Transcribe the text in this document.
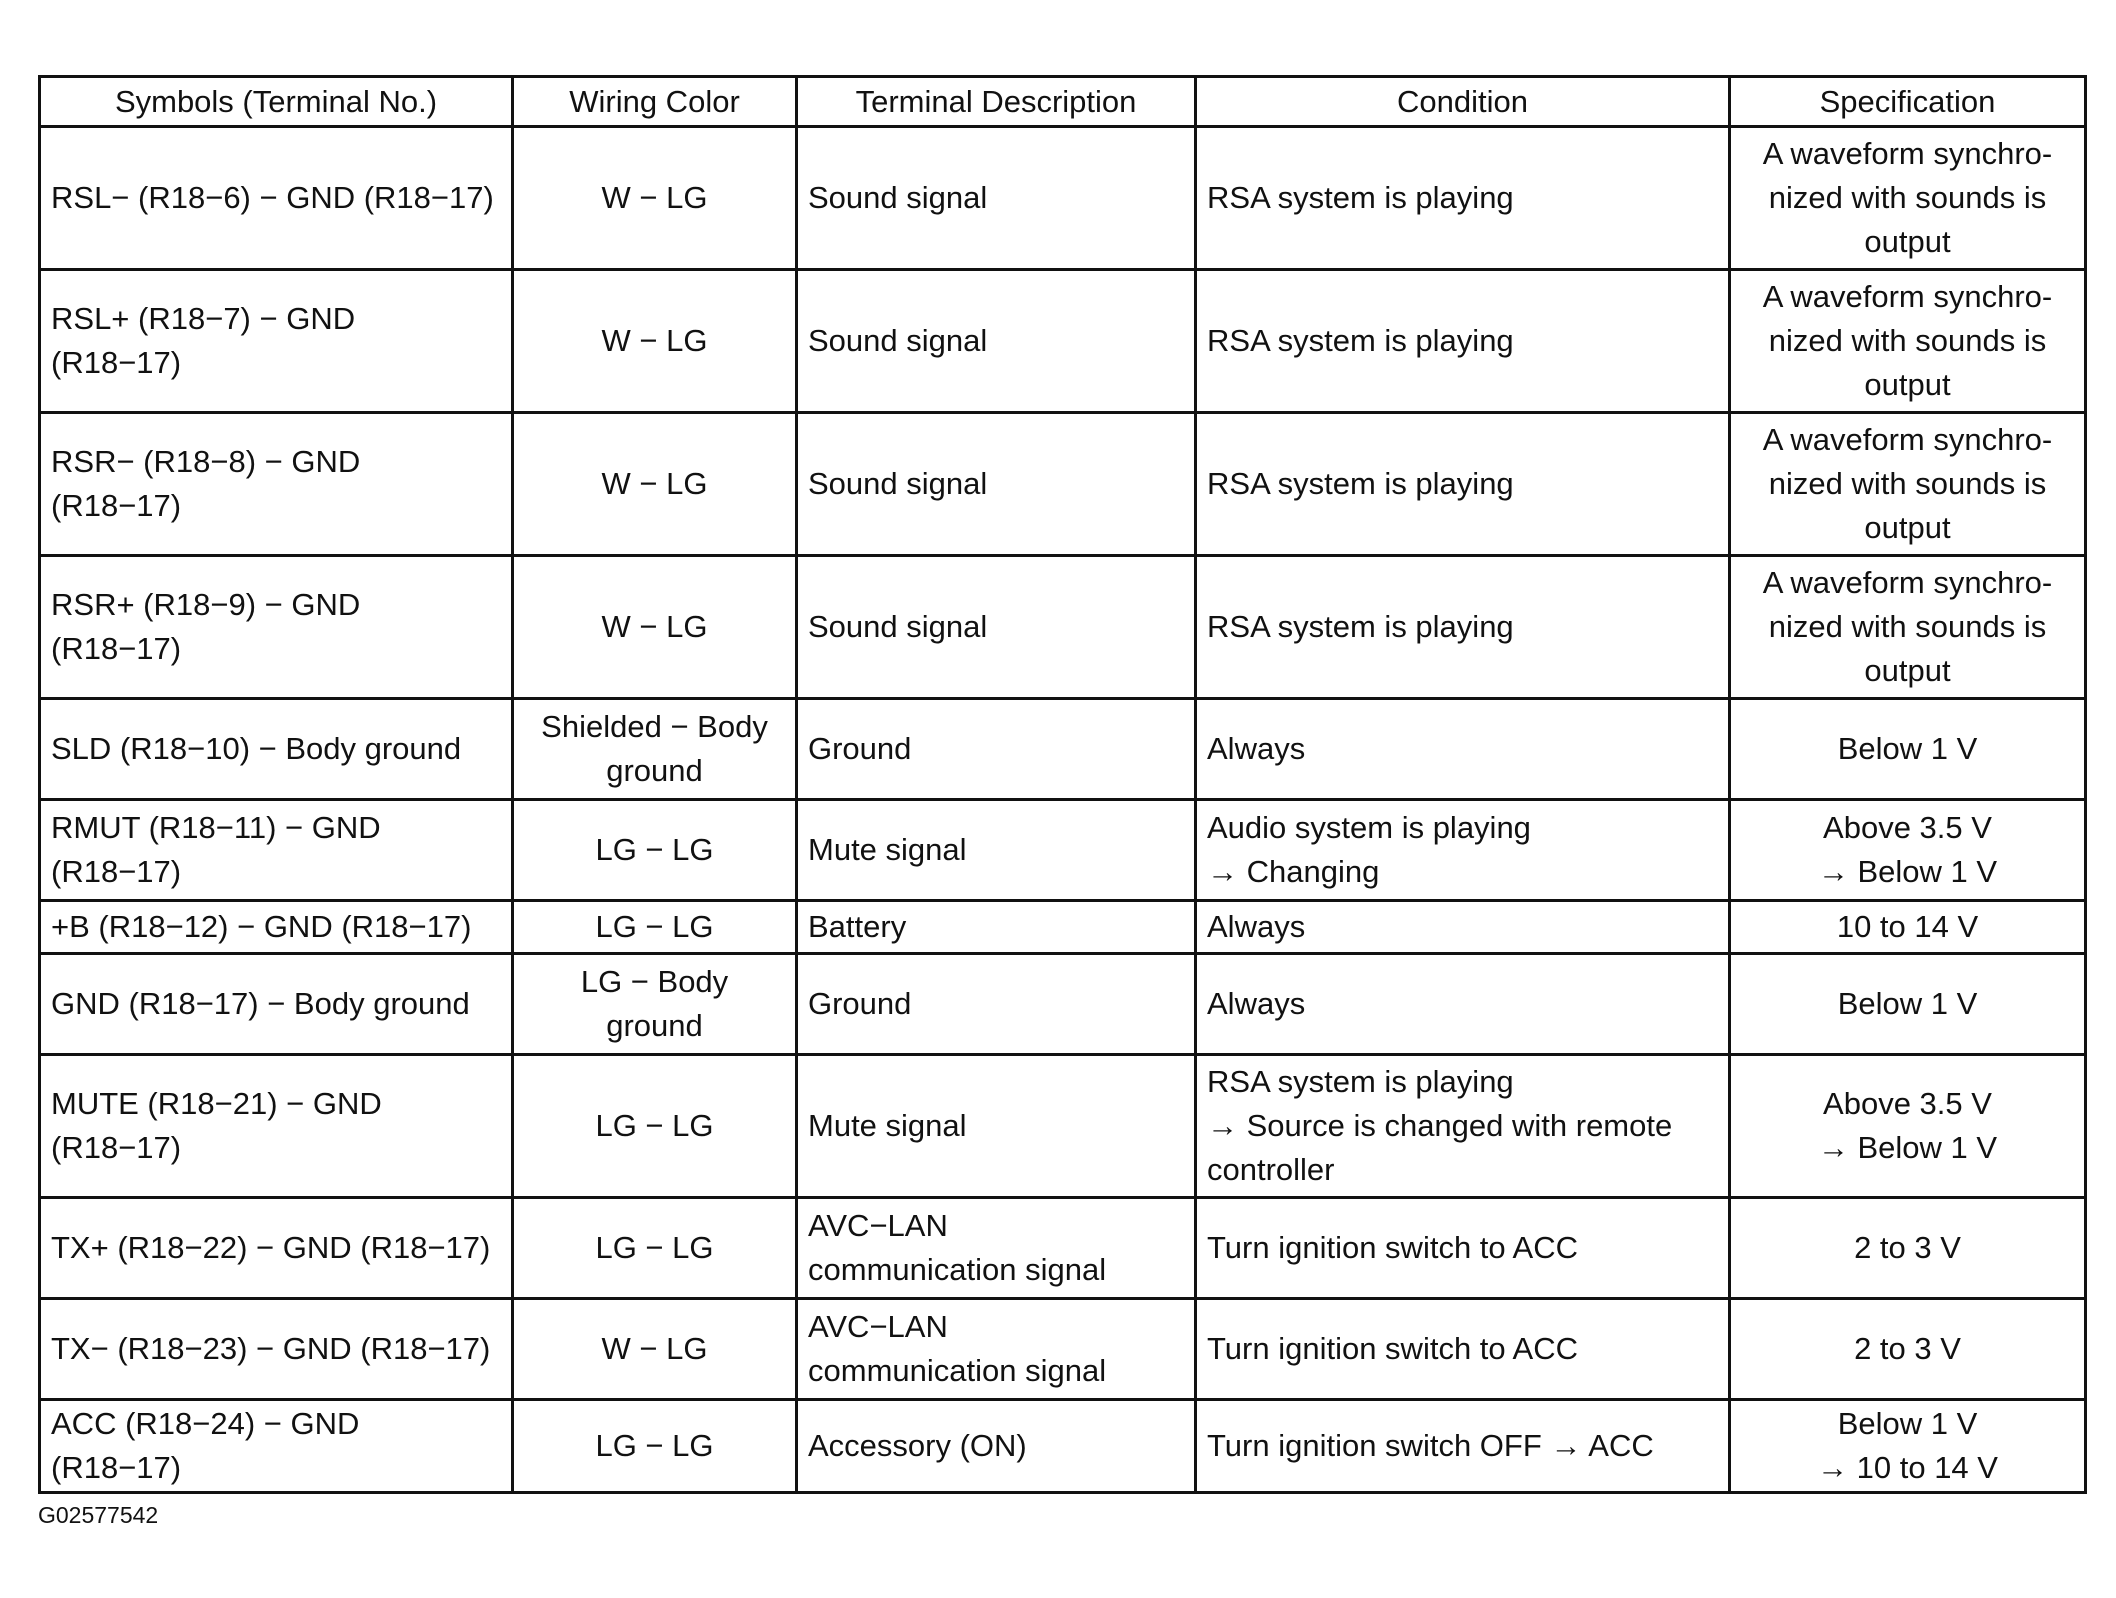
Symbols (Terminal No.)	Wiring Color	Terminal Description	Condition	Specification
RSL− (R18−6) − GND (R18−17)	W − LG	Sound signal	RSA system is playing	A waveform synchro-
nized with sounds is
output
RSL+ (R18−7) − GND
(R18−17)	W − LG	Sound signal	RSA system is playing	A waveform synchro-
nized with sounds is
output
RSR− (R18−8) − GND
(R18−17)	W − LG	Sound signal	RSA system is playing	A waveform synchro-
nized with sounds is
output
RSR+ (R18−9) − GND
(R18−17)	W − LG	Sound signal	RSA system is playing	A waveform synchro-
nized with sounds is
output
SLD (R18−10) − Body ground	Shielded − Body
ground	Ground	Always	Below 1 V
RMUT (R18−11) − GND
(R18−17)	LG − LG	Mute signal	Audio system is playing
→ Changing	Above 3.5 V
→ Below 1 V
+B (R18−12) − GND (R18−17)	LG − LG	Battery	Always	10 to 14 V
GND (R18−17) − Body ground	LG − Body
ground	Ground	Always	Below 1 V
MUTE (R18−21) − GND
(R18−17)	LG − LG	Mute signal	RSA system is playing
→ Source is changed with remote
controller	Above 3.5 V
→ Below 1 V
TX+ (R18−22) − GND (R18−17)	LG − LG	AVC−LAN
communication signal	Turn ignition switch to ACC	2 to 3 V
TX− (R18−23) − GND (R18−17)	W − LG	AVC−LAN
communication signal	Turn ignition switch to ACC	2 to 3 V
ACC (R18−24) − GND
(R18−17)	LG − LG	Accessory (ON)	Turn ignition switch OFF → ACC	Below 1 V
→ 10 to 14 V
G02577542
